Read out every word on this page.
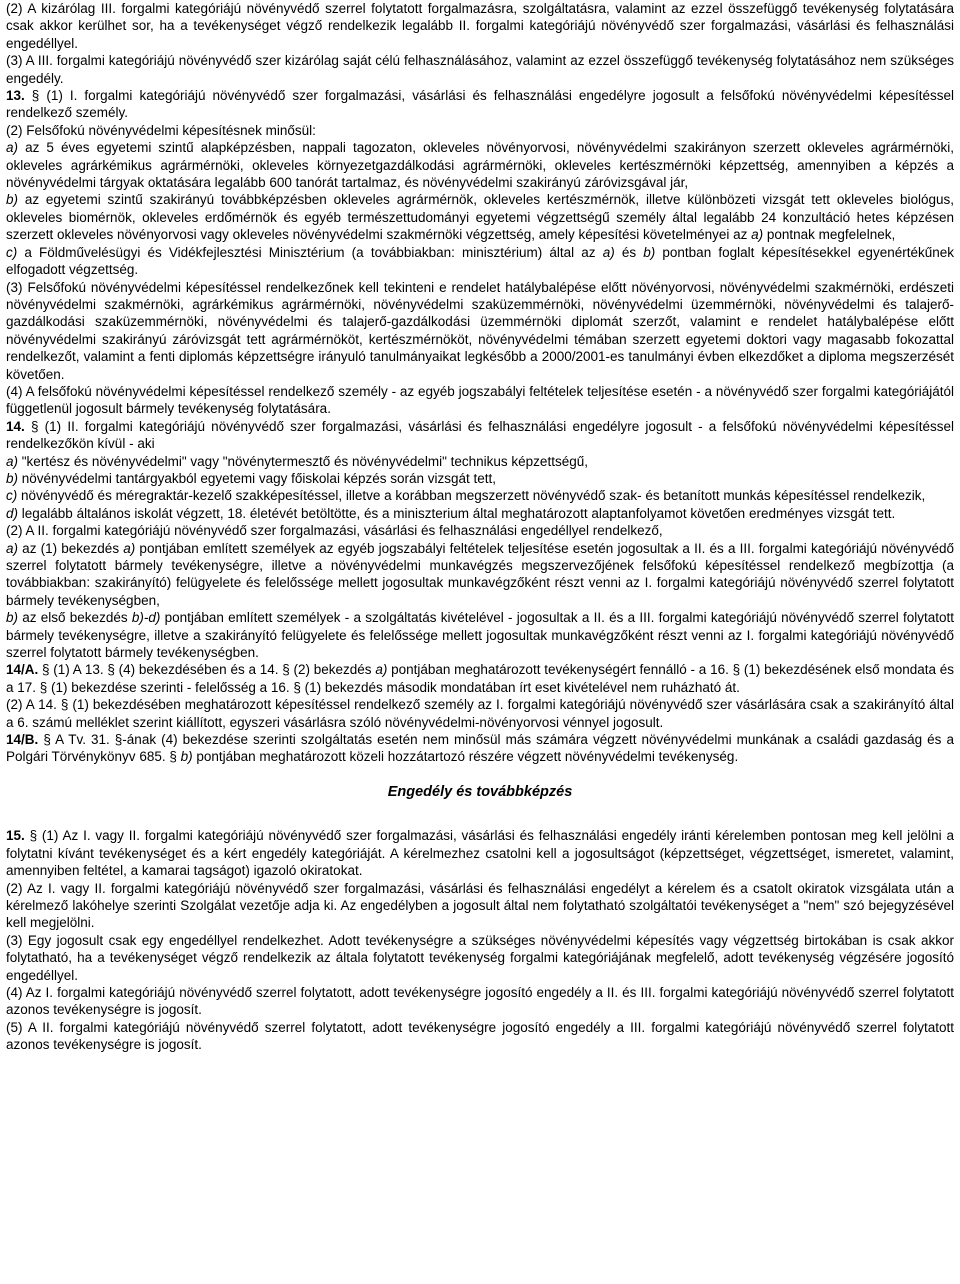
(2) A kizárólag III. forgalmi kategóriájú növényvédő szerrel folytatott forgalmazásra, szolgáltatásra, valamint az ezzel összefüggő tevékenység folytatására csak akkor kerülhet sor, ha a tevékenységet végző rendelkezik legalább II. forgalmi kategóriájú növényvédő szer forgalmazási, vásárlási és felhasználási engedéllyel.
(3) A III. forgalmi kategóriájú növényvédő szer kizárólag saját célú felhasználásához, valamint az ezzel összefüggő tevékenység folytatásához nem szükséges engedély.
13. § (1) I. forgalmi kategóriájú növényvédő szer forgalmazási, vásárlási és felhasználási engedélyre jogosult a felsőfokú növényvédelmi képesítéssel rendelkező személy.
(2) Felsőfokú növényvédelmi képesítésnek minősül:
a) az 5 éves egyetemi szintű alapképzésben, nappali tagozaton, okleveles növényorvosi, növényvédelmi szakirányon szerzett okleveles agrármérnöki, okleveles agrárkémikus agrármérnöki, okleveles környezetgazdálkodási agrármérnöki, okleveles kertészmérnöki képzettség, amennyiben a képzés a növényvédelmi tárgyak oktatására legalább 600 tanórát tartalmaz, és növényvédelmi szakirányú záróvizsgával jár,
b) az egyetemi szintű szakirányú továbbképzésben okleveles agrármérnök, okleveles kertészmérnök, illetve különbözeti vizsgát tett okleveles biológus, okleveles biomérnök, okleveles erdőmérnök és egyéb természettudományi egyetemi végzettségű személy által legalább 24 konzultáció hetes képzésen szerzett okleveles növényorvosi vagy okleveles növényvédelmi szakmérnöki végzettség, amely képesítési követelményei az a) pontnak megfelelnek,
c) a Földművelésügyi és Vidékfejlesztési Minisztérium (a továbbiakban: minisztérium) által az a) és b) pontban foglalt képesítésekkel egyenértékűnek elfogadott végzettség.
(3) Felsőfokú növényvédelmi képesítéssel rendelkezőnek kell tekinteni e rendelet hatálybalépése előtt növényorvosi, növényvédelmi szakmérnöki, erdészeti növényvédelmi szakmérnöki, agrárkémikus agrármérnöki, növényvédelmi szaküzemmérnöki, növényvédelmi üzemmérnöki, növényvédelmi és talajerő-gazdálkodási szaküzemmérnöki, növényvédelmi és talajerő-gazdálkodási üzemmérnöki diplomát szerzőt, valamint e rendelet hatálybalépése előtt növényvédelmi szakirányú záróvizsgát tett agrármérnököt, kertészmérnököt, növényvédelmi témában szerzett egyetemi doktori vagy magasabb fokozattal rendelkezőt, valamint a fenti diplomás képzettségre irányuló tanulmányaikat legkésőbb a 2000/2001-es tanulmányi évben elkezdőket a diploma megszerzését követően.
(4) A felsőfokú növényvédelmi képesítéssel rendelkező személy - az egyéb jogszabályi feltételek teljesítése esetén - a növényvédő szer forgalmi kategóriájától függetlenül jogosult bármely tevékenység folytatására.
14. § (1) II. forgalmi kategóriájú növényvédő szer forgalmazási, vásárlási és felhasználási engedélyre jogosult - a felsőfokú növényvédelmi képesítéssel rendelkezőkön kívül - aki
a) "kertész és növényvédelmi" vagy "növénytermesztő és növényvédelmi" technikus képzettségű,
b) növényvédelmi tantárgyakból egyetemi vagy főiskolai képzés során vizsgát tett,
c) növényvédő és méregraktár-kezelő szakképesítéssel, illetve a korábban megszerzett növényvédő szak- és betanított munkás képesítéssel rendelkezik,
d) legalább általános iskolát végzett, 18. életévét betöltötte, és a miniszterium által meghatározott alaptanfolyamot követően eredményes vizsgát tett.
(2) A II. forgalmi kategóriájú növényvédő szer forgalmazási, vásárlási és felhasználási engedéllyel rendelkező,
a) az (1) bekezdés a) pontjában említett személyek az egyéb jogszabályi feltételek teljesítése esetén jogosultak a II. és a III. forgalmi kategóriájú növényvédő szerrel folytatott bármely tevékenységre, illetve a növényvédelmi munkavégzés megszervezőjének felsőfokú képesítéssel rendelkező megbízottja (a továbbiakban: szakirányító) felügyelete és felelőssége mellett jogosultak munkavégzőként részt venni az I. forgalmi kategóriájú növényvédő szerrel folytatott bármely tevékenységben,
b) az első bekezdés b)-d) pontjában említett személyek - a szolgáltatás kivételével - jogosultak a II. és a III. forgalmi kategóriájú növényvédő szerrel folytatott bármely tevékenységre, illetve a szakirányító felügyelete és felelőssége mellett jogosultak munkavégzőként részt venni az I. forgalmi kategóriájú növényvédő szerrel folytatott bármely tevékenységben.
14/A. § (1) A 13. § (4) bekezdésében és a 14. § (2) bekezdés a) pontjában meghatározott tevékenységért fennálló - a 16. § (1) bekezdésének első mondata és a 17. § (1) bekezdése szerinti - felelősség a 16. § (1) bekezdés második mondatában írt eset kivételével nem ruházható át.
(2) A 14. § (1) bekezdésében meghatározott képesítéssel rendelkező személy az I. forgalmi kategóriájú növényvédő szer vásárlására csak a szakirányító által a 6. számú melléklet szerint kiállított, egyszeri vásárlásra szóló növényvédelmi-növényorvosi vénnyel jogosult.
14/B. § A Tv. 31. §-ának (4) bekezdése szerinti szolgáltatás esetén nem minősül más számára végzett növényvédelmi munkának a családi gazdaság és a Polgári Törvénykönyv 685. § b) pontjában meghatározott közeli hozzátartozó részére végzett növényvédelmi tevékenység.
Engedély és továbbképzés
15. § (1) Az I. vagy II. forgalmi kategóriájú növényvédő szer forgalmazási, vásárlási és felhasználási engedély iránti kérelemben pontosan meg kell jelölni a folytatni kívánt tevékenységet és a kért engedély kategóriáját. A kérelmezhez csatolni kell a jogosultságot (képzettséget, végzettséget, ismeretet, valamint, amennyiben feltétel, a kamarai tagságot) igazoló okiratokat.
(2) Az I. vagy II. forgalmi kategóriájú növényvédő szer forgalmazási, vásárlási és felhasználási engedélyt a kérelem és a csatolt okiratok vizsgálata után a kérelmező lakóhelye szerinti Szolgálat vezetője adja ki. Az engedélyben a jogosult által nem folytatható szolgáltatói tevékenységet a "nem" szó bejegyzésével kell megjelölni.
(3) Egy jogosult csak egy engedéllyel rendelkezhet. Adott tevékenységre a szükséges növényvédelmi képesítés vagy végzettség birtokában is csak akkor folytatható, ha a tevékenységet végző rendelkezik az általa folytatott tevékenység forgalmi kategóriájának megfelelő, adott tevékenység végzésére jogosító engedéllyel.
(4) Az I. forgalmi kategóriájú növényvédő szerrel folytatott, adott tevékenységre jogosító engedély a II. és III. forgalmi kategóriájú növényvédő szerrel folytatott azonos tevékenységre is jogosít.
(5) A II. forgalmi kategóriájú növényvédő szerrel folytatott, adott tevékenységre jogosító engedély a III. forgalmi kategóriájú növényvédő szerrel folytatott azonos tevékenységre is jogosít.
